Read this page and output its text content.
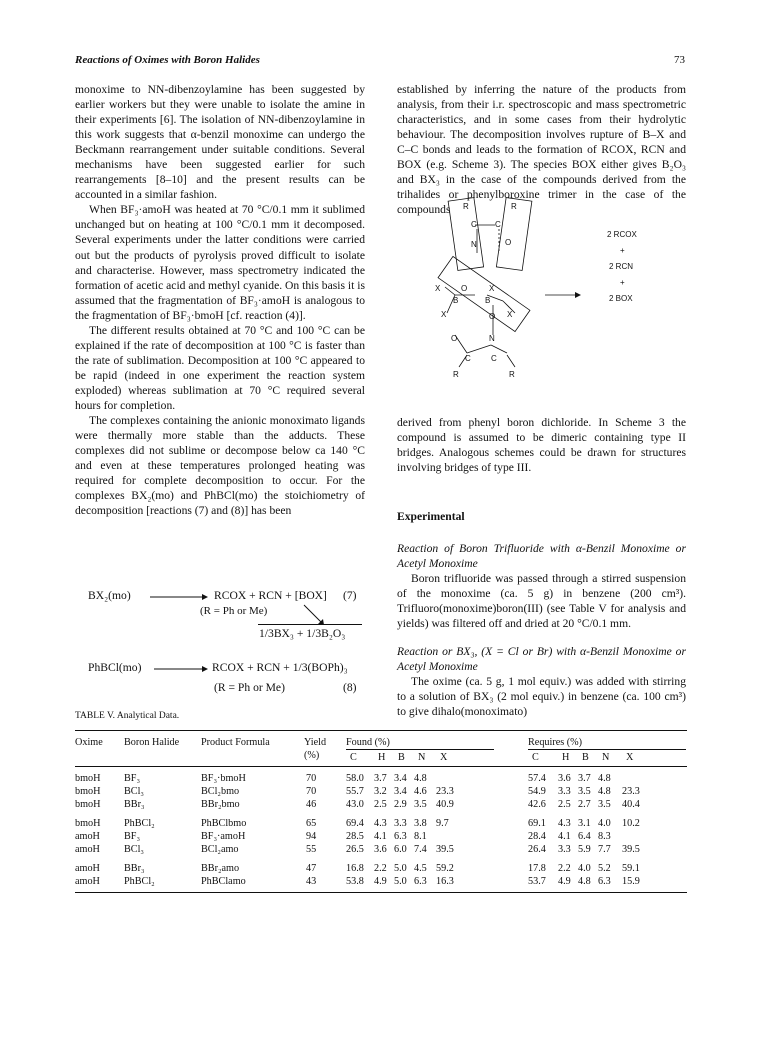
Reactions of Oximes with Boron Halides	73

monoxime to NN-dibenzoylamine has been suggested by earlier workers but they were unable to isolate the amine in their experiments [6]. The isolation of NN-dibenzoylamine in this work suggests that α-benzil monoxime can undergo the Beckmann rearrangement under suitable conditions. Several mechanisms have been suggested earlier for such rearrangements [8–10] and the present results can be accounted in a similar fashion.

When BF₃·amoH was heated at 70 °C/0.1 mm it sublimed unchanged but on heating at 100 °C/0.1 mm it decomposed. Several experiments under the latter conditions were carried out but the products of pyrolysis proved difficult to isolate and characterise. However, mass spectrometry indicated the formation of acetic acid and methyl cyanide. On this basis it is assumed that the fragmentation of BF₃·amoH is analogous to the fragmentation of BF₃·bmoH [cf. reaction (4)].

The different results obtained at 70 °C and 100 °C can be explained if the rate of decomposition at 100 °C is faster than the rate of sublimation. Decomposition at 100 °C appeared to be rapid (indeed in one experiment the reaction system exploded) whereas sublimation at 70 °C required several hours for completion.

The complexes containing the anionic monoximato ligands were thermally more stable than the adducts. These complexes did not sublime or decompose below ca 140 °C and even at these temperatures prolonged heating was required for complete decomposition to occur. For the complexes BX₂(mo) and PhBCl(mo) the stoichiometry of decomposition [reactions (7) and (8)] has been

BX₂(mo)	RCOX + RCN + [BOX] (7)
(R = Ph or Me)
1/3BX₃ + 1/3B₂O₃
PhBCl(mo)	RCOX + RCN + 1/3(BOPh)₃
(R = Ph or Me)	(8)

established by inferring the nature of the products from analysis, from their i.r. spectroscopic and mass spectrometric characteristics, and in some cases from their hydrolytic behaviour. The decomposition involves rupture of B–X and C–C bonds and leads to the formation of RCOX, RCN and BOX (e.g. Scheme 3). The species BOX either gives B₂O₃ and BX₃ in the case of the compounds derived from the trihalides or phenylboroxine trimer in the case of the compounds	R	R
C C
N	O
X	O	X
B	B
X	X
O
N
O
C	C
R	R
2 RCOX
+
2 RCN
+
2 BOX

derived from phenyl boron dichloride. In Scheme 3 the compound is assumed to be dimeric containing type II bridges. Analogous schemes could be drawn for structures involving bridges of type III.

Experimental

Reaction of Boron Trifluoride with α-Benzil Monoxime or Acetyl Monoxime

Boron trifluoride was passed through a stirred suspension of the monoxime (ca. 5 g) in benzene (200 cm³). Trifluoro(monoxime)boron(III) (see Table V for analysis and yields) was filtered off and dried at 20 °C/0.1 mm.

Reaction or BX₃, (X = Cl or Br) with α-Benzil Monoxime or Acetyl Monoxime

The oxime (ca. 5 g, 1 mol equiv.) was added with stirring to a solution of BX₃ (2 mol equiv.) in benzene (ca. 100 cm³) to give dihalo(monoximato)

TABLE V. Analytical Data.
Oxime Boron Halide Product Formula	Yield
(%)
Found (%)	Requires (%)
C	C
H	H
B	B
N	N
X	X
bmoH BF₃	BF₃·bmoH	70	58.0 3.7 3.4 4.8	57.4 3.6 3.7 4.8
bmoH BCl₃	BCl₂bmo	70	55.7 3.2 3.4 4.6 23.3	54.9 3.3 3.5 4.8 23.3
bmoH BBr₃	BBr₂bmo	46	43.0 2.5 2.9 3.5 40.9	42.6 2.5 2.7 3.5 40.4
bmoH PhBCl₂	PhBClbmo	65	69.4 4.3 3.3 3.8 9.7	69.1 4.3 3.1 4.0 10.2
amoH BF₃	BF₃·amoH	94	28.5 4.1 6.3 8.1	28.4 4.1 6.4 8.3
amoH BCl₃	BCl₂amo	55	26.5 3.6 6.0 7.4 39.5	26.4 3.3 5.9 7.7 39.5
amoH BBr₃	BBr₂amo	47	16.8 2.2 5.0 4.5 59.2	17.8 2.2 4.0 5.2 59.1
amoH PhBCl₂	PhBClamo	43	53.8 4.9 5.0 6.3 16.3	53.7 4.9 4.8 6.3 15.9
